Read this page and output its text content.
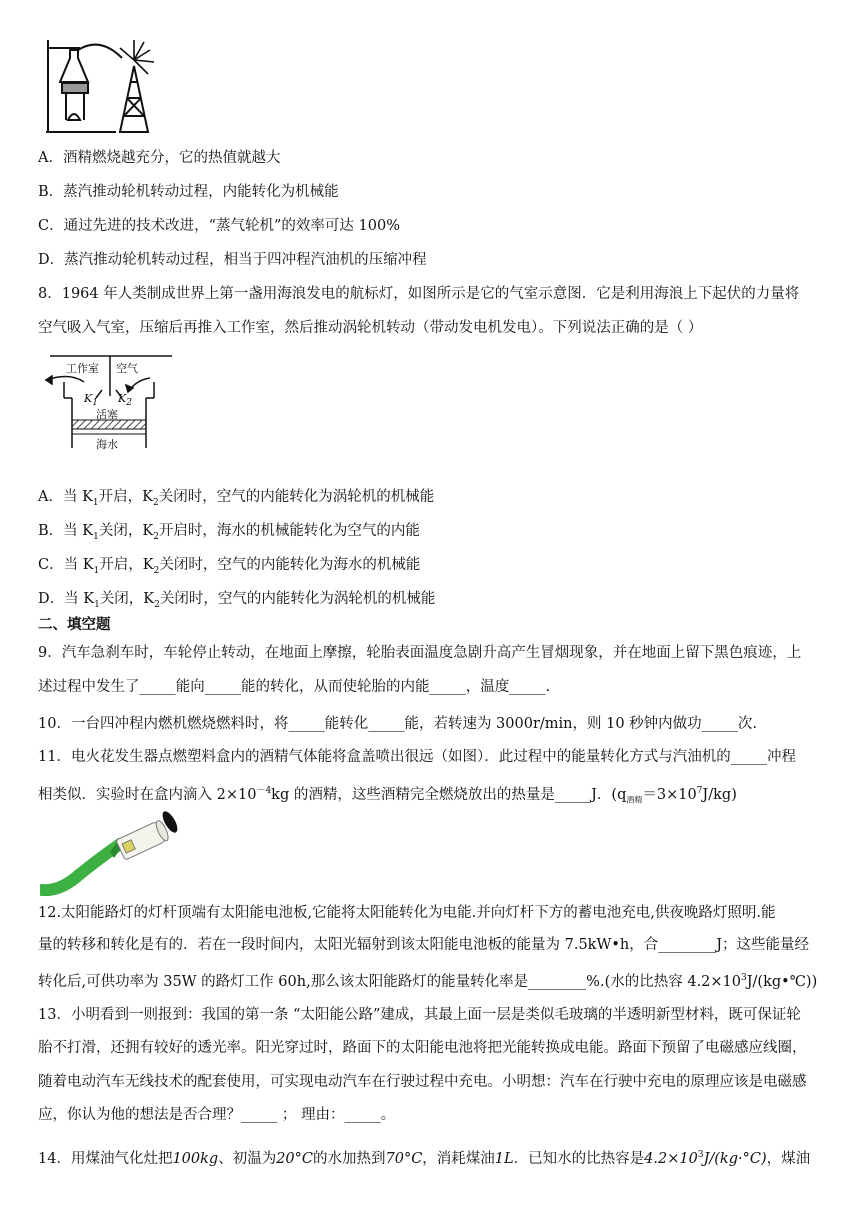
A．酒精燃烧越充分，它的热值就越大
B．蒸汽推动轮机转动过程，内能转化为机械能
C．通过先进的技术改进，“蒸气轮机”的效率可达 100%
D．蒸汽推动轮机转动过程，相当于四冲程汽油机的压缩冲程
8．1964 年人类制成世界上第一盏用海浪发电的航标灯，如图所示是它的气室示意图．它是利用海浪上下起伏的力量将
空气吸入气室，压缩后再推入工作室，然后推动涡轮机转动（带动发电机发电）。下列说法正确的是（ ）
工作室 空气
$K_1$ $K_2$
活塞
海水
A．当 $K_1$开启，$K_2$关闭时，空气的内能转化为涡轮机的机械能
B．当 $K_1$关闭，$K_2$开启时，海水的机械能转化为空气的内能
C．当 $K_1$开启，$K_2$关闭时，空气的内能转化为海水的机械能
D．当 $K_1$关闭，$K_2$关闭时，空气的内能转化为涡轮机的机械能
二、填空题
9．汽车急刹车时，车轮停止转动，在地面上摩擦，轮胎表面温度急剧升高产生冒烟现象，并在地面上留下黑色痕迹，上
述过程中发生了_____能向_____能的转化，从而使轮胎的内能_____，温度_____.
10．一台四冲程内燃机燃烧燃料时，将_____能转化_____能，若转速为 3000r/min，则 10 秒钟内做功_____次.
11．电火花发生器点燃塑料盒内的酒精气体能将盒盖喷出很远（如图）．此过程中的能量转化方式与汽油机的_____冲程
相类似．实验时在盒内滴入 $2\times 10^{-4}kg$ 的酒精，这些酒精完全燃烧放出的热量是_____J．$(q_{酒精}=3\times 10^7J/kg)$
12.太阳能路灯的灯杆顶端有太阳能电池板,它能将太阳能转化为电能.并向灯杆下方的蓄电池充电,供夜晚路灯照明.能
量的转移和转化是有的．若在一段时间内，太阳光辐射到该太阳能电池板的能量为 7.5kW•h，合________J；这些能量经
转化后,可供功率为 35W 的路灯工作 60h,那么该太阳能路灯的能量转化率是________%.(水的比热容 $4.2\times 10^3J/(kg•℃)$)
13．小明看到一则报到：我国的第一条 “太阳能公路”建成，其最上面一层是类似毛玻璃的半透明新型材料，既可保证轮
胎不打滑，还拥有较好的透光率。阳光穿过时，路面下的太阳能电池将把光能转换成电能。路面下预留了电磁感应线圈，
随着电动汽车无线技术的配套使用，可实现电动汽车在行驶过程中充电。小明想：汽车在行驶中充电的原理应该是电磁感
应，你认为他的想法是否合理？_____ ； 理由：_____。
14．用煤油气化灶把100kg、初温为20°C的水加热到70°C，消耗煤油1L．已知水的比热容是$4.2\times 10^3J/(kg\cdot^\circ C)$，煤油
